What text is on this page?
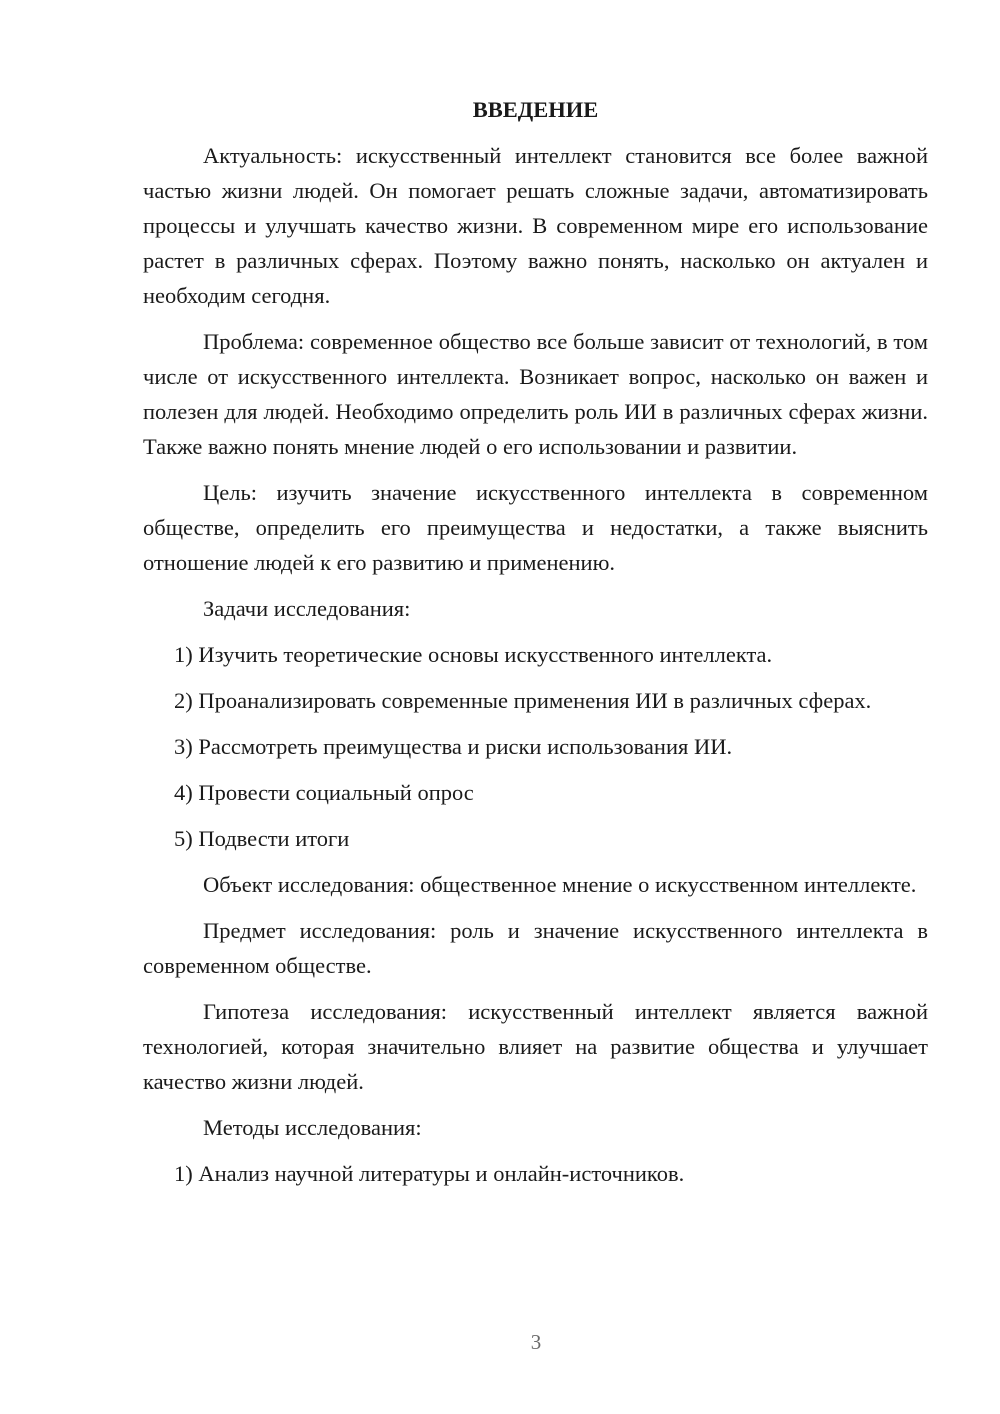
ВВЕДЕНИЕ

Актуальность: искусственный интеллект становится все более важной частью жизни людей. Он помогает решать сложные задачи, автоматизировать процессы и улучшать качество жизни. В современном мире его использование растет в различных сферах. Поэтому важно понять, насколько он актуален и необходим сегодня.

Проблема: современное общество все больше зависит от технологий, в том числе от искусственного интеллекта. Возникает вопрос, насколько он важен и полезен для людей. Необходимо определить роль ИИ в различных сферах жизни. Также важно понять мнение людей о его использовании и развитии.

Цель: изучить значение искусственного интеллекта в современном обществе, определить его преимущества и недостатки, а также выяснить отношение людей к его развитию и применению.

Задачи исследования:

1) Изучить теоретические основы искусственного интеллекта.

2) Проанализировать современные применения ИИ в различных сферах.

3) Рассмотреть преимущества и риски использования ИИ.

4) Провести социальный опрос

5) Подвести итоги

Объект исследования: общественное мнение о искусственном интеллекте.

Предмет исследования: роль и значение искусственного интеллекта в современном обществе.

Гипотеза исследования: искусственный интеллект является важной технологией, которая значительно влияет на развитие общества и улучшает качество жизни людей.

Методы исследования:

1) Анализ научной литературы и онлайн-источников.

3
